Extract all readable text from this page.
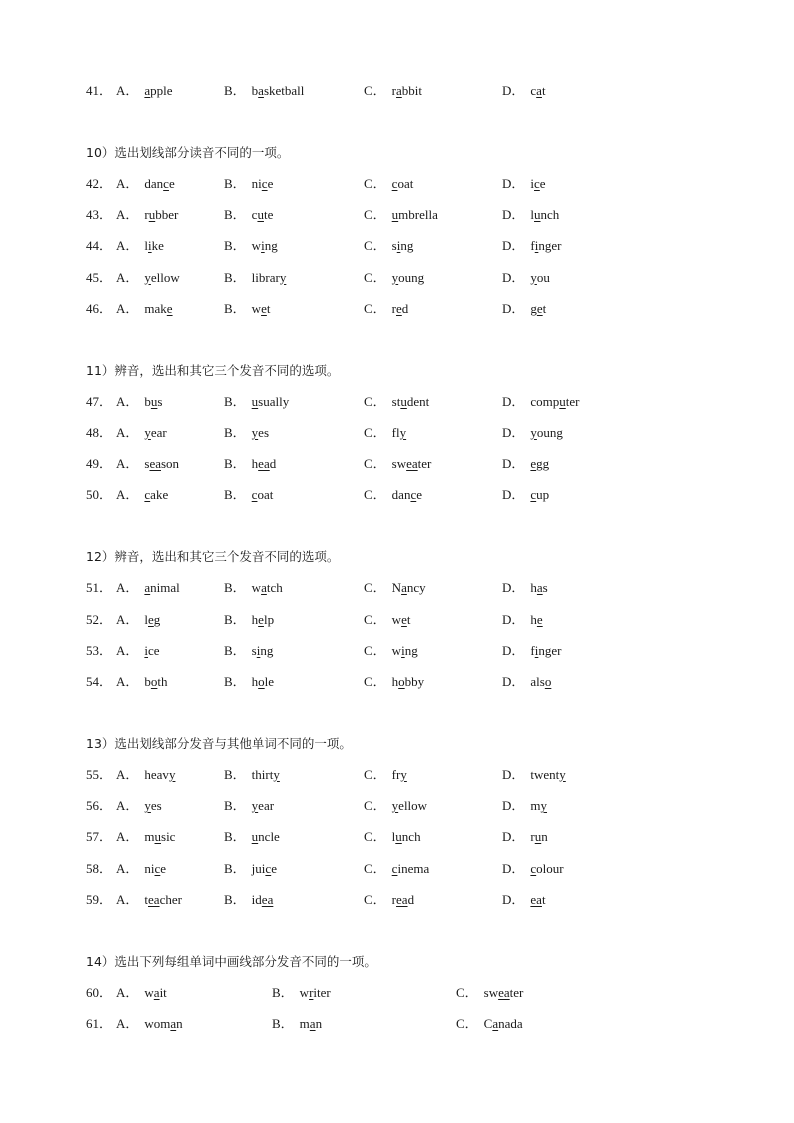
41． A． apple	B． basketball	C． rabbit	D． cat
10）选出划线部分读音不同的一项。
42． A． dance	B． nice	C． coat	D． ice
43． A． rubber	B． cute	C． umbrella	D． lunch
44． A． like	B． wing	C． sing	D． finger
45． A． yellow	B． library	C． young	D． you
46． A． make	B． wet	C． red	D． get
11）辨音，选出和其它三个发音不同的选项。
47． A． bus	B． usually	C． student	D． computer
48． A． year	B． yes	C． fly	D． young
49． A． season	B． head	C． sweater	D． egg
50． A． cake	B． coat	C． dance	D． cup
12）辨音，选出和其它三个发音不同的选项。
51． A． animal	B． watch	C． Nancy	D． has
52． A． leg	B． help	C． wet	D． he
53． A． ice	B． sing	C． wing	D． finger
54． A． both	B． hole	C． hobby	D． also
13）选出划线部分发音与其他单词不同的一项。
55． A． heavy	B． thirty	C． fry	D． twenty
56． A． yes	B． year	C． yellow	D． my
57． A． music	B． uncle	C． lunch	D． run
58． A． nice	B． juice	C． cinema	D． colour
59． A． teacher	B． idea	C． read	D． eat
14）选出下列每组单词中画线部分发音不同的一项。
60． A． wait	B． writer	C． sweater
61． A． woman	B． man	C． Canada
